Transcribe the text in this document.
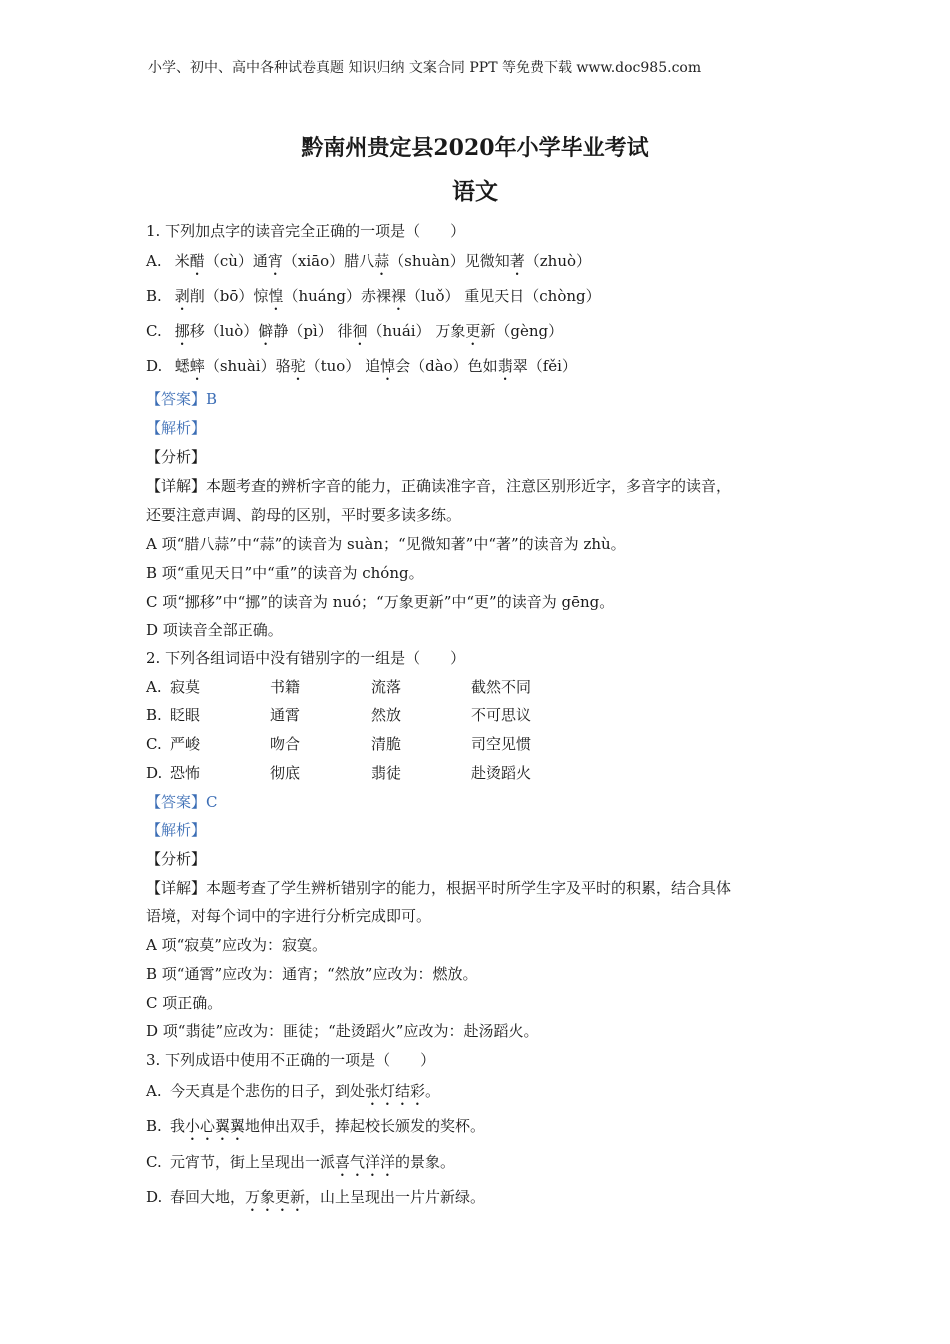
小学、初中、高中各种试卷真题 知识归纳 文案合同 PPT 等免费下载 www.doc985.com
黔南州贵定县2020年小学毕业考试
语文
1. 下列加点字的读音完全正确的一项是（　　）
A. 米醋（cù）通宵（xiāo）腊八蒜（shuàn）见微知著（zhuò）
B. 剥削（bō）惊惶（huáng）赤裸裸（luǒ） 重见天日（chòng）
C. 挪移（luò）僻静（pì） 徘徊（huái） 万象更新（gèng）
D. 蟋蟀（shuài）骆驼（tuo） 追悼会（dào）色如翡翠（fěi）
【答案】B
【解析】
【分析】
【详解】本题考查的辨析字音的能力，正确读准字音，注意区别形近字，多音字的读音，
还要注意声调、韵母的区别，平时要多读多练。
A 项“腊八蒜”中“蒜”的读音为 suàn；“见微知著”中“著”的读音为 zhù。
B 项“重见天日”中“重”的读音为 chóng。
C 项“挪移”中“挪”的读音为 nuó；“万象更新”中“更”的读音为 gēng。
D 项读音全部正确。
2. 下列各组词语中没有错别字的一组是（　　）
A. 寂莫	书籍	流落	截然不同
B. 眨眼	通霄	然放	不可思议
C. 严峻	吻合	清脆	司空见惯
D. 恐怖	彻底	翡徒	赴烫蹈火
【答案】C
【解析】
【分析】
【详解】本题考查了学生辨析错别字的能力，根据平时所学生字及平时的积累，结合具体
语境，对每个词中的字进行分析完成即可。
A 项“寂莫”应改为：寂寞。
B 项“通霄”应改为：通宵；“然放”应改为：燃放。
C 项正确。
D 项“翡徒”应改为：匪徒；“赴烫蹈火”应改为：赴汤蹈火。
3. 下列成语中使用不正确的一项是（　　）
A. 今天真是个悲伤的日子，到处张灯结彩。
B. 我小心翼翼地伸出双手，捧起校长颁发的奖杯。
C. 元宵节，街上呈现出一派喜气洋洋的景象。
D. 春回大地，万象更新，山上呈现出一片片新绿。
